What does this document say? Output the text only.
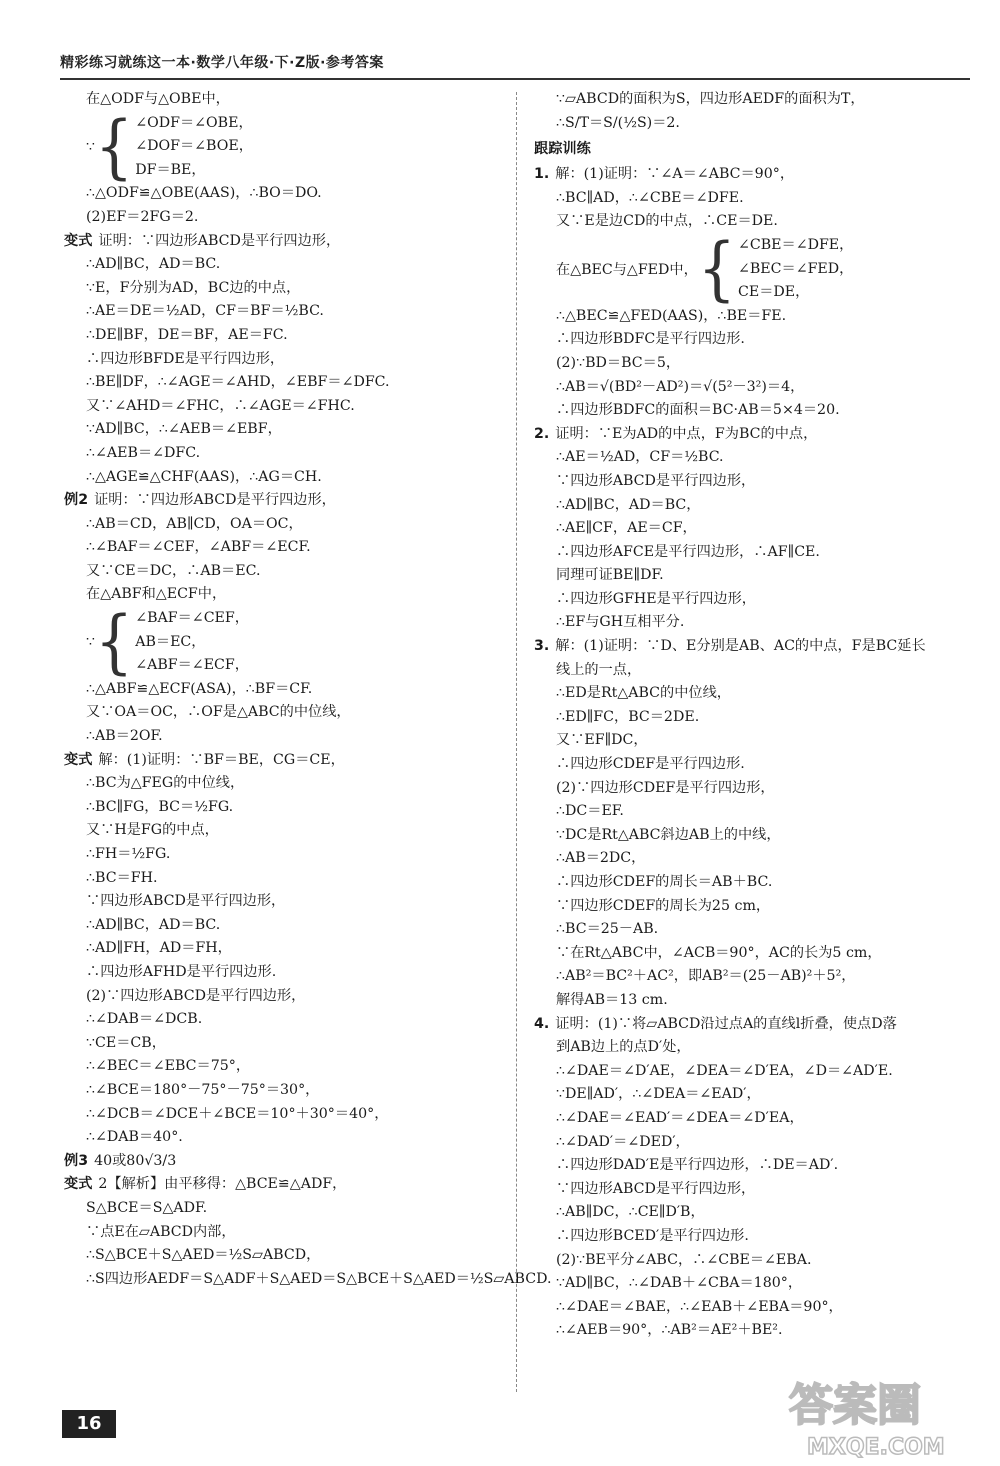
精彩练习就练这一本·数学八年级·下·Z版·参考答案
在△ODF与△OBE中，
∵ { ∠ODF＝∠OBE，
∠DOF＝∠BOE，
DF＝BE，
∴△ODF≌△OBE(AAS)，∴BO＝DO.
(2)EF＝2FG＝2.
变式 证明：∵四边形ABCD是平行四边形，
∴AD∥BC，AD＝BC.
∵E，F分别为AD，BC边的中点，
∴AE＝DE＝½AD，CF＝BF＝½BC.
∴DE∥BF，DE＝BF，AE＝FC.
∴四边形BFDE是平行四边形，
∴BE∥DF，∴∠AGE＝∠AHD，∠EBF＝∠DFC.
又∵∠AHD＝∠FHC，∴∠AGE＝∠FHC.
∵AD∥BC，∴∠AEB＝∠EBF，
∴∠AEB＝∠DFC.
∴△AGE≌△CHF(AAS)，∴AG＝CH.
例2 证明：∵四边形ABCD是平行四边形，
∴AB＝CD，AB∥CD，OA＝OC，
∴∠BAF＝∠CEF，∠ABF＝∠ECF.
又∵CE＝DC，∴AB＝EC.
在△ABF和△ECF中，
∵ { ∠BAF＝∠CEF，
AB＝EC，
∠ABF＝∠ECF，
∴△ABF≌△ECF(ASA)，∴BF＝CF.
又∵OA＝OC，∴OF是△ABC的中位线，
∴AB＝2OF.
变式 解：(1)证明：∵BF＝BE，CG＝CE，
∴BC为△FEG的中位线，
∴BC∥FG，BC＝½FG.
又∵H是FG的中点，
∴FH＝½FG.
∴BC＝FH.
∵四边形ABCD是平行四边形，
∴AD∥BC，AD＝BC.
∴AD∥FH，AD＝FH，
∴四边形AFHD是平行四边形.
(2)∵四边形ABCD是平行四边形，
∴∠DAB＝∠DCB.
∵CE＝CB，
∴∠BEC＝∠EBC＝75°，
∴∠BCE＝180°－75°－75°＝30°，
∴∠DCB＝∠DCE＋∠BCE＝10°＋30°＝40°，
∴∠DAB＝40°.
例3 40或80√3/3
变式 2【解析】由平移得：△BCE≌△ADF，
S△BCE＝S△ADF.
∵点E在▱ABCD内部，
∴S△BCE＋S△AED＝½S▱ABCD，
∴S四边形AEDF＝S△ADF＋S△AED＝S△BCE＋S△AED＝½S▱ABCD.
∵▱ABCD的面积为S，四边形AEDF的面积为T，
∴S/T＝S/(½S)＝2.
跟踪训练
1. 解：(1)证明：∵∠A＝∠ABC＝90°，
∴BC∥AD，∴∠CBE＝∠DFE.
又∵E是边CD的中点，∴CE＝DE.
在△BEC与△FED中， { ∠CBE＝∠DFE，
∠BEC＝∠FED，
CE＝DE，
∴△BEC≌△FED(AAS)，∴BE＝FE.
∴四边形BDFC是平行四边形.
(2)∵BD＝BC＝5，
∴AB＝√(BD²－AD²)＝√(5²－3²)＝4，
∴四边形BDFC的面积＝BC·AB＝5×4＝20.
2. 证明：∵E为AD的中点，F为BC的中点，
∴AE＝½AD，CF＝½BC.
∵四边形ABCD是平行四边形，
∴AD∥BC，AD＝BC，
∴AE∥CF，AE＝CF，
∴四边形AFCE是平行四边形，∴AF∥CE.
同理可证BE∥DF.
∴四边形GFHE是平行四边形，
∴EF与GH互相平分.
3. 解：(1)证明：∵D、E分别是AB、AC的中点，F是BC延长
线上的一点，
∴ED是Rt△ABC的中位线，
∴ED∥FC，BC＝2DE.
又∵EF∥DC，
∴四边形CDEF是平行四边形.
(2)∵四边形CDEF是平行四边形，
∴DC＝EF.
∵DC是Rt△ABC斜边AB上的中线，
∴AB＝2DC，
∴四边形CDEF的周长＝AB＋BC.
∵四边形CDEF的周长为25 cm，
∴BC＝25－AB.
∵在Rt△ABC中，∠ACB＝90°，AC的长为5 cm，
∴AB²＝BC²＋AC²，即AB²＝(25－AB)²＋5²，
解得AB＝13 cm.
4. 证明：(1)∵将▱ABCD沿过点A的直线l折叠，使点D落
到AB边上的点D′处，
∴∠DAE＝∠D′AE，∠DEA＝∠D′EA，∠D＝∠AD′E.
∵DE∥AD′，∴∠DEA＝∠EAD′，
∴∠DAE＝∠EAD′＝∠DEA＝∠D′EA，
∴∠DAD′＝∠DED′，
∴四边形DAD′E是平行四边形，∴DE＝AD′.
∵四边形ABCD是平行四边形，
∴AB∥DC，∴CE∥D′B，
∴四边形BCED′是平行四边形.
(2)∵BE平分∠ABC，∴∠CBE＝∠EBA.
∵AD∥BC，∴∠DAB＋∠CBA＝180°，
∴∠DAE＝∠BAE，∴∠EAB＋∠EBA＝90°，
∴∠AEB＝90°，∴AB²＝AE²＋BE².
16	答案圈
MXQE.COM
